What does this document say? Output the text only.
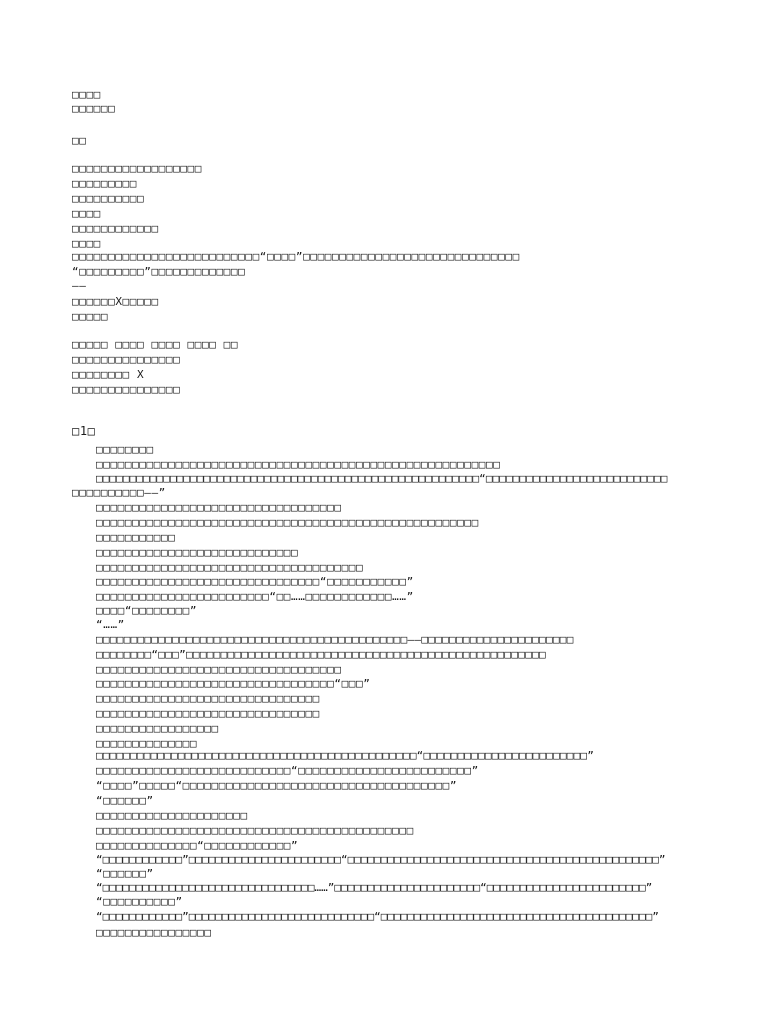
□□□□
□□□□□□
□□
□□□□□□□□□□□□□□□□□□
□□□□□□□□□
□□□□□□□□□□
□□□□
□□□□□□□□□□□□
□□□□
□□□□□□□□□□□□□□□□□□□□□□□□□□“□□□□”□□□□□□□□□□□□□□□□□□□□□□□□□□□□□□
“□□□□□□□□□”□□□□□□□□□□□□□
——
□□□□□□X□□□□□
□□□□□
□□□□□ □□□□ □□□□ □□□□ □□
□□□□□□□□□□□□□□□
□□□□□□□□ X
□□□□□□□□□□□□□□□
□1□
□□□□□□□□
□□□□□□□□□□□□□□□□□□□□□□□□□□□□□□□□□□□□□□□□□□□□□□□□□□□□□□□□
□□□□□□□□□□□□□□□□□□□□□□□□□□□□□□□□□□□□□□□□□□□□□□□□□□□□□□□□□“□□□□□□□□□□□□□□□□□□□□□□□□□□□
□□□□□□□□□□——”
□□□□□□□□□□□□□□□□□□□□□□□□□□□□□□□□□□
□□□□□□□□□□□□□□□□□□□□□□□□□□□□□□□□□□□□□□□□□□□□□□□□□□□□□
□□□□□□□□□□□
□□□□□□□□□□□□□□□□□□□□□□□□□□□□
□□□□□□□□□□□□□□□□□□□□□□□□□□□□□□□□□□□□□
□□□□□□□□□□□□□□□□□□□□□□□□□□□□□□□“□□□□□□□□□□□”
□□□□□□□□□□□□□□□□□□□□□□□□“□□……□□□□□□□□□□□□……”
□□□□“□□□□□□□□”
“……”
□□□□□□□□□□□□□□□□□□□□□□□□□□□□□□□□□□□□□□□□□□□□□——□□□□□□□□□□□□□□□□□□□□□□
□□□□□□□□“□□□”□□□□□□□□□□□□□□□□□□□□□□□□□□□□□□□□□□□□□□□□□□□□□□□□□□□□
□□□□□□□□□□□□□□□□□□□□□□□□□□□□□□□□□□
□□□□□□□□□□□□□□□□□□□□□□□□□□□□□□□□□“□□□”
□□□□□□□□□□□□□□□□□□□□□□□□□□□□□□□
□□□□□□□□□□□□□□□□□□□□□□□□□□□□□□□
□□□□□□□□□□□□□□□□□
□□□□□□□□□□□□□□
□□□□□□□□□□□□□□□□□□□□□□□□□□□□□□□□□□□□□□□□□□□□□□□“□□□□□□□□□□□□□□□□□□□□□□□□”
□□□□□□□□□□□□□□□□□□□□□□□□□□□“□□□□□□□□□□□□□□□□□□□□□□□□”
“□□□□”□□□□□“□□□□□□□□□□□□□□□□□□□□□□□□□□□□□□□□□□□□□”
“□□□□□□”
□□□□□□□□□□□□□□□□□□□□□
□□□□□□□□□□□□□□□□□□□□□□□□□□□□□□□□□□□□□□□□□□□□
□□□□□□□□□□□□□□“□□□□□□□□□□□□”
“□□□□□□□□□□□□”□□□□□□□□□□□□□□□□□□□□□□□“□□□□□□□□□□□□□□□□□□□□□□□□□□□□□□□□□□□□□□□□□□□□□□□”
“□□□□□□”
“□□□□□□□□□□□□□□□□□□□□□□□□□□□□□□□□……”□□□□□□□□□□□□□□□□□□□□□□“□□□□□□□□□□□□□□□□□□□□□□□□”
“□□□□□□□□□□”
“□□□□□□□□□□□□”□□□□□□□□□□□□□□□□□□□□□□□□□□□□“□□□□□□□□□□□□□□□□□□□□□□□□□□□□□□□□□□□□□□□□□”
□□□□□□□□□□□□□□□□
